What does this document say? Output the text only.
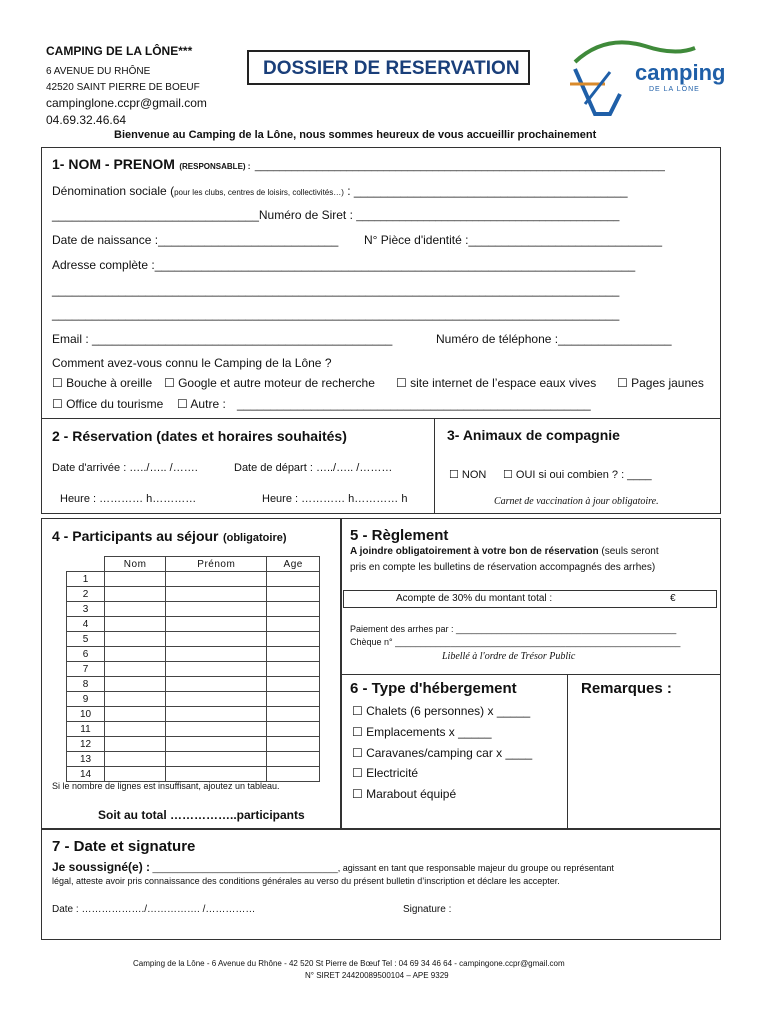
CAMPING DE LA LÔNE***
6 AVENUE DU RHÔNE
42520 SAINT PIERRE DE BOEUF
campinglone.ccpr@gmail.com
04.69.32.46.64
DOSSIER DE RESERVATION	camping
DE LA LÔNE
Bienvenue au Camping de la Lône, nous sommes heureux de vous accueillir prochainement
1- NOM - PRENOM (RESPONSABLE) : ___________________________________________________________________
Dénomination sociale (pour les clubs, centres de loisirs, collectivités…) : _________________________________________
_______________________________Numéro de Siret : ___________________________________________
Date de naissance :___________________________ N° Pièce d'identité :_____________________________
Adresse complète :________________________________________________________________________
_____________________________________________________________________________________
_____________________________________________________________________________________
Email : _____________________________________________	Numéro de téléphone :_________________
Comment avez-vous connu le Camping de la Lône ?
☐ Bouche à oreille ☐ Google et autre moteur de recherche ☐ site internet de l’espace eaux vives ☐ Pages jaunes
☐ Office du tourisme ☐ Autre : _____________________________________________________
2 - Réservation (dates et horaires souhaités)
Date d'arrivée : …../….. /…….	Date de départ : …../….. /………
Heure : ………… h…………	Heure : ………… h………… h
3- Animaux de compagnie
☐ NON ☐ OUI si oui combien ? : ____
Carnet de vaccination à jour obligatoire.
4 - Participants au séjour (obligatoire)
	Nom	Prénom	Age
1			
2			
3			
4			
5			
6			
7			
8			
9			
10			
11			
12			
13			
14			
Si le nombre de lignes est insuffisant, ajoutez un tableau.
Soit au total ……………..participants
5 - Règlement
A joindre obligatoirement à votre bon de réservation (seuls seront
pris en compte les bulletins de réservation accompagnés des arrhes)
Acompte de 30% du montant total :	€
Paiement des arrhes par : ____________________________________________
Chèque n° _________________________________________________________
Libellé à l'ordre de Trésor Public
6 - Type d'hébergement
☐ Chalets (6 personnes) x _____
☐ Emplacements x _____
☐ Caravanes/camping car x ____
☐ Electricité
☐ Marabout équipé
Remarques :
7 - Date et signature
Je soussigné(e) : _____________________________________, agissant en tant que responsable majeur du groupe ou représentant
légal, atteste avoir pris connaissance des conditions générales au verso du présent bulletin d’inscription et déclare les accepter.
Date : ………………./……………. /……………	Signature :
Camping de la Lône - 6 Avenue du Rhône - 42 520 St Pierre de Bœuf Tel : 04 69 34 46 64 - campingone.ccpr@gmail.com
N° SIRET 24420089500104 – APE 9329
